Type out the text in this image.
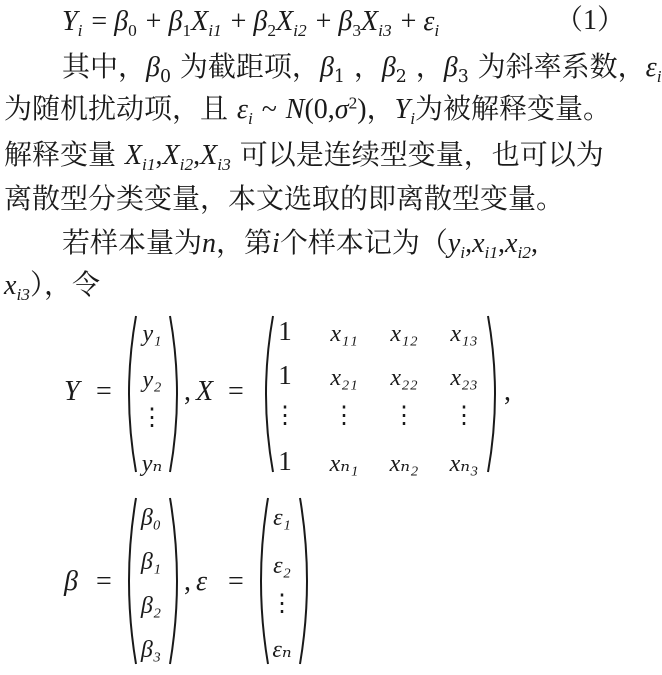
$Y_i = \beta_0 + \beta_1X_{i1} + \beta_2X_{i2} + \beta_3X_{i3} + \varepsilon_i$	（1）
其中，$\beta_0$ 为截距项，$\beta_1$ ，$\beta_2$ ，$\beta_3$ 为斜率系数，$\varepsilon_i$
为随机扰动项，且 $\varepsilon_i$ ~ $N(0,\sigma^2)$，$Y_i$为被解释变量。
解释变量 $X_{i1},X_{i2},X_{i3}$ 可以是连续型变量，也可以为
离散型分类变量，本文选取的即离散型变量。
若样本量为n，第i个样本记为（$y_i,x_{i1},x_{i2}$,
$x_{i3}$），令
Y =
y₁
y₂
⋮
yₙ
, X =
1	x₁₁	x₁₂	x₁₃
1	x₂₁	x₂₂	x₂₃
⋮	⋮	⋮	⋮
1	xₙ₁	xₙ₂	xₙ₃
,
β =
β₀
β₁
β₂
β₃
, ε =
ε₁
ε₂
⋮
εₙ
